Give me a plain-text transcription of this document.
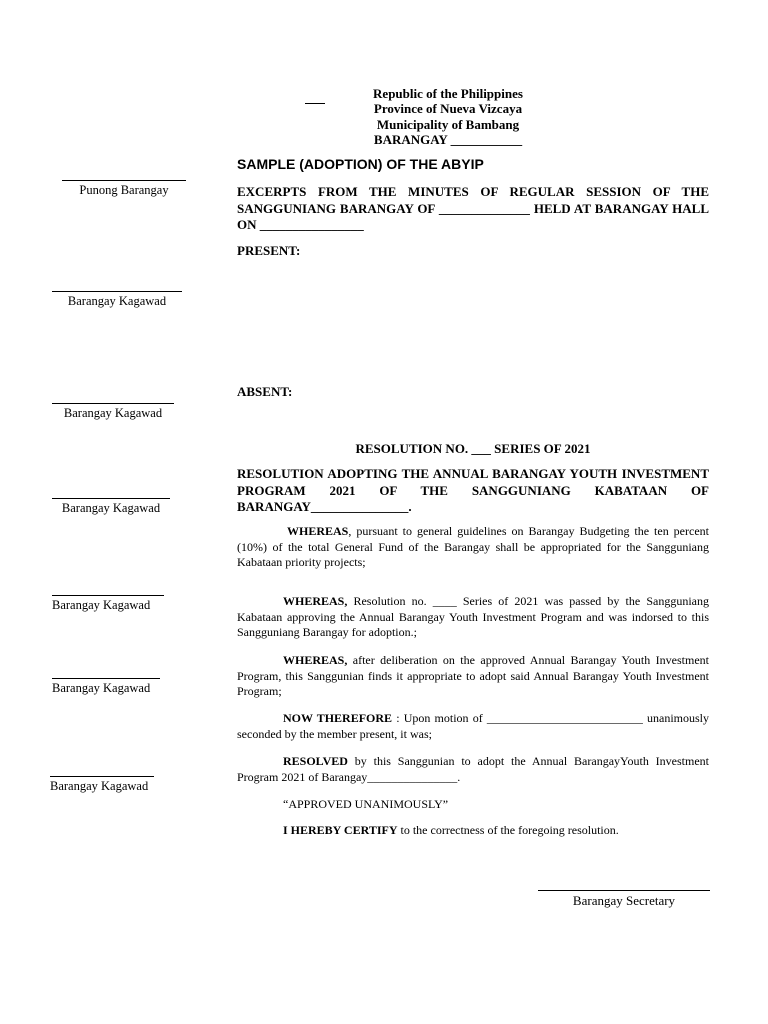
Republic of the Philippines
Province of Nueva Vizcaya
Municipality of Bambang
BARANGAY ___________
SAMPLE (ADOPTION) OF THE ABYIP
Punong Barangay
Barangay Kagawad
Barangay Kagawad
Barangay Kagawad
Barangay Kagawad
Barangay Kagawad
Barangay Kagawad
EXCERPTS FROM THE MINUTES OF REGULAR SESSION OF THE SANGGUNIANG BARANGAY OF ______________ HELD AT BARANGAY HALL ON ________________
PRESENT:
ABSENT:
RESOLUTION NO. ___ SERIES OF 2021
RESOLUTION ADOPTING THE ANNUAL BARANGAY YOUTH INVESTMENT PROGRAM 2021 OF THE SANGGUNIANG KABATAAN OF BARANGAY_______________.
WHEREAS, pursuant to general guidelines on Barangay Budgeting the ten percent (10%) of the total General Fund of the Barangay shall be appropriated for the Sangguniang Kabataan priority projects;
WHEREAS, Resolution no. ____ Series of 2021 was passed by the Sangguniang Kabataan approving the Annual Barangay Youth Investment Program and was indorsed to this Sangguniang Barangay for adoption.;
WHEREAS, after deliberation on the approved Annual Barangay Youth Investment Program, this Sanggunian finds it appropriate to adopt said Annual Barangay Youth Investment Program;
NOW THEREFORE : Upon motion of __________________________ unanimously seconded by the member present, it was;
RESOLVED by this Sanggunian to adopt the Annual BarangayYouth Investment Program 2021 of Barangay_______________.
“APPROVED UNANIMOUSLY”
I HEREBY CERTIFY to the correctness of the foregoing resolution.
Barangay Secretary
